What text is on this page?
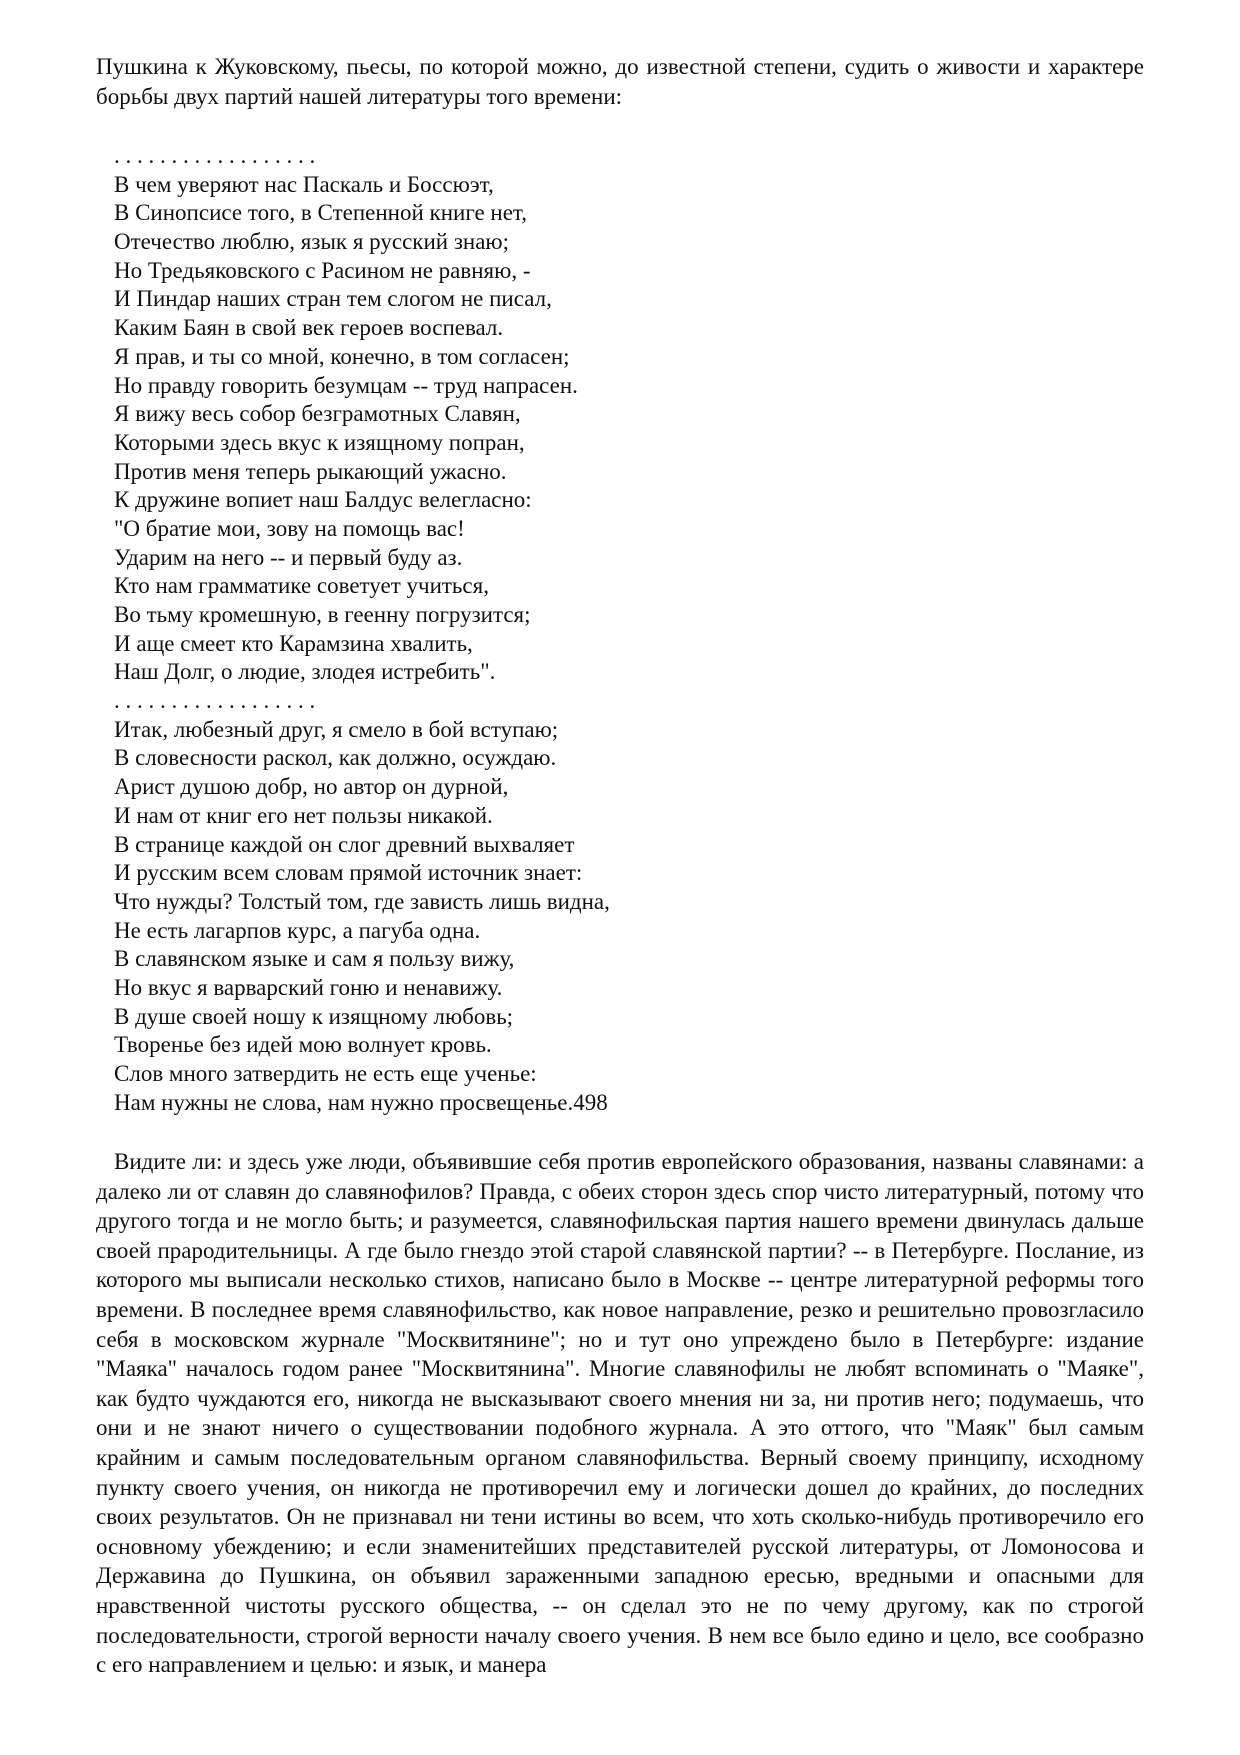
Пушкина к Жуковскому, пьесы, по которой можно, до известной степени, судить о живости и характере борьбы двух партий нашей литературы того времени:

. . . . . . . . . . . . . . . . . .
В чем уверяют нас Паскаль и Боссюэт,
В Синопсисе того, в Степенной книге нет,
Отечество люблю, язык я русский знаю;
Но Тредьяковского с Расином не равняю, -
И Пиндар наших стран тем слогом не писал,
Каким Баян в свой век героев воспевал.
Я прав, и ты со мной, конечно, в том согласен;
Но правду говорить безумцам -- труд напрасен.
Я вижу весь собор безграмотных Славян,
Которыми здесь вкус к изящному попран,
Против меня теперь рыкающий ужасно.
К дружине вопиет наш Балдус велегласно:
"О братие мои, зову на помощь вас!
Ударим на него -- и первый буду аз.
Кто нам грамматике советует учиться,
Во тьму кромешную, в геенну погрузится;
И аще смеет кто Карамзина хвалить,
Наш Долг, о людие, злодея истребить".
. . . . . . . . . . . . . . . . . .
Итак, любезный друг, я смело в бой вступаю;
В словесности раскол, как должно, осуждаю.
Арист душою добр, но автор он дурной,
И нам от книг его нет пользы никакой.
В странице каждой он слог древний выхваляет
И русским всем словам прямой источник знает:
Что нужды? Толстый том, где зависть лишь видна,
Не есть лагарпов курс, а пагуба одна.
В славянском языке и сам я пользу вижу,
Но вкус я варварский гоню и ненавижу.
В душе своей ношу к изящному любовь;
Творенье без идей мою волнует кровь.
Слов много затвердить не есть еще ученье:
Нам нужны не слова, нам нужно просвещенье.498

Видите ли: и здесь уже люди, объявившие себя против европейского образования, названы славянами: а далеко ли от славян до славянофилов? Правда, с обеих сторон здесь спор чисто литературный, потому что другого тогда и не могло быть; и разумеется, славянофильская партия нашего времени двинулась дальше своей прародительницы. А где было гнездо этой старой славянской партии? -- в Петербурге. Послание, из которого мы выписали несколько стихов, написано было в Москве -- центре литературной реформы того времени. В последнее время славянофильство, как новое направление, резко и решительно провозгласило себя в московском журнале "Москвитянине"; но и тут оно упреждено было в Петербурге: издание "Маяка" началось годом ранее "Москвитянина". Многие славянофилы не любят вспоминать о "Маяке", как будто чуждаются его, никогда не высказывают своего мнения ни за, ни против него; подумаешь, что они и не знают ничего о существовании подобного журнала. А это оттого, что "Маяк" был самым крайним и самым последовательным органом славянофильства. Верный своему принципу, исходному пункту своего учения, он никогда не противоречил ему и логически дошел до крайних, до последних своих результатов. Он не признавал ни тени истины во всем, что хоть сколько-нибудь противоречило его основному убеждению; и если знаменитейших представителей русской литературы, от Ломоносова и Державина до Пушкина, он объявил зараженными западною ересью, вредными и опасными для нравственной чистоты русского общества, -- он сделал это не по чему другому, как по строгой последовательности, строгой верности началу своего учения. В нем все было едино и цело, все сообразно с его направлением и целью: и язык, и манера
